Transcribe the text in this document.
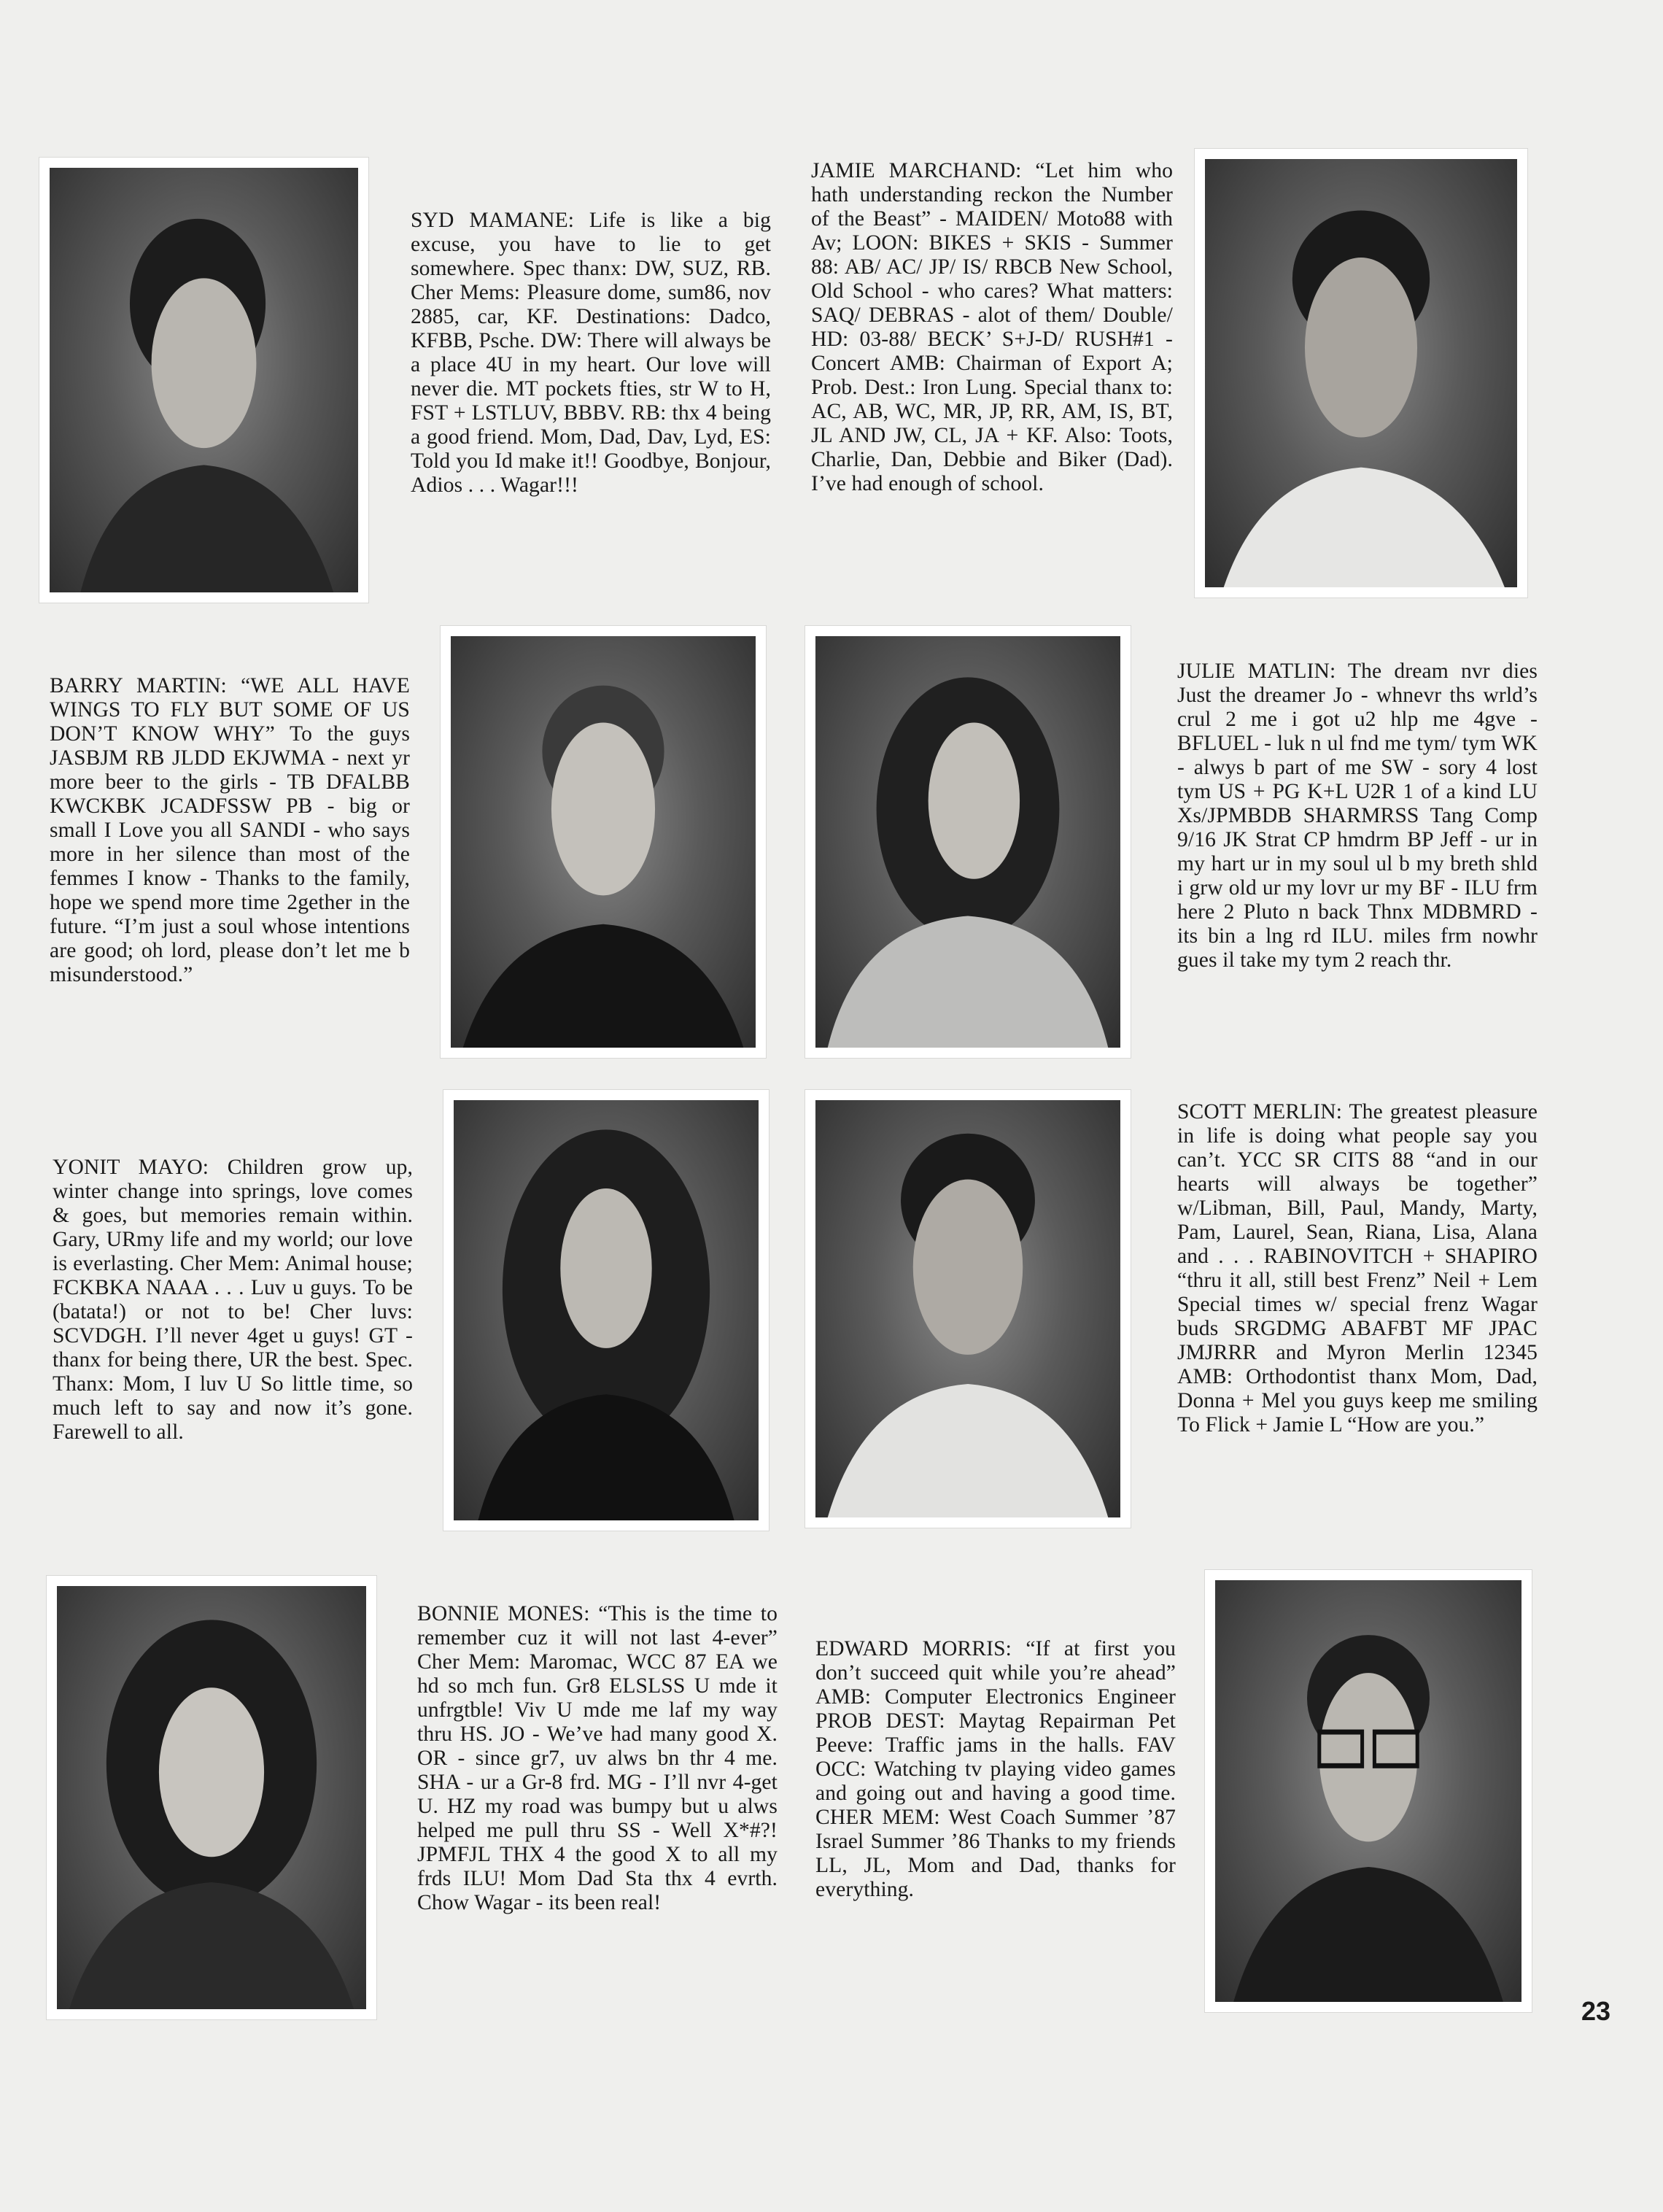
SYD MAMANE: Life is like a big excuse, you have to lie to get somewhere. Spec thanx: DW, SUZ, RB. Cher Mems: Pleasure dome, sum86, nov 2885, car, KF. Destinations: Dadco, KFBB, Psche. DW: There will always be a place 4U in my heart. Our love will never die. MT pockets fties, str W to H, FST + LSTLUV, BBBV. RB: thx 4 being a good friend. Mom, Dad, Dav, Lyd, ES: Told you Id make it!! Goodbye, Bonjour, Adios . . . Wagar!!!
JAMIE MARCHAND: “Let him who hath understanding reckon the Number of the Beast” - MAIDEN/ Moto88 with Av; LOON: BIKES + SKIS - Summer 88: AB/ AC/ JP/ IS/ RBCB New School, Old School - who cares? What matters: SAQ/ DEBRAS - alot of them/ Double/ HD: 03-88/ BECK’ S+J-D/ RUSH#1 - Concert AMB: Chairman of Export A; Prob. Dest.: Iron Lung. Special thanx to: AC, AB, WC, MR, JP, RR, AM, IS, BT, JL AND JW, CL, JA + KF. Also: Toots, Charlie, Dan, Debbie and Biker (Dad). I’ve had enough of school.
BARRY MARTIN: “WE ALL HAVE WINGS TO FLY BUT SOME OF US DON’T KNOW WHY” To the guys JASBJM RB JLDD EKJWMA - next yr more beer to the girls - TB DFALBB KWCKBK JCADFSSW PB - big or small I Love you all SANDI - who says more in her silence than most of the femmes I know - Thanks to the family, hope we spend more time 2gether in the future. “I’m just a soul whose intentions are good; oh lord, please don’t let me b misunderstood.”
JULIE MATLIN: The dream nvr dies Just the dreamer Jo - whnevr ths wrld’s crul 2 me i got u2 hlp me 4gve - BFLUEL - luk n ul fnd me tym/ tym WK - alwys b part of me SW - sory 4 lost tym US + PG K+L U2R 1 of a kind LU Xs/JPMBDB SHARMRSS Tang Comp 9/16 JK Strat CP hmdrm BP Jeff - ur in my hart ur in my soul ul b my breth shld i grw old ur my lovr ur my BF - ILU frm here 2 Pluto n back Thnx MDBMRD - its bin a lng rd ILU. miles frm nowhr gues il take my tym 2 reach thr.
YONIT MAYO: Children grow up, winter change into springs, love comes & goes, but memories remain within. Gary, URmy life and my world; our love is everlasting. Cher Mem: Animal house; FCKBKA NAAA . . . Luv u guys. To be (batata!) or not to be! Cher luvs: SCVDGH. I’ll never 4get u guys! GT - thanx for being there, UR the best. Spec. Thanx: Mom, I luv U So little time, so much left to say and now it’s gone. Farewell to all.
SCOTT MERLIN: The greatest pleasure in life is doing what people say you can’t. YCC SR CITS 88 “and in our hearts will always be together” w/Libman, Bill, Paul, Mandy, Marty, Pam, Laurel, Sean, Riana, Lisa, Alana and . . . RABINOVITCH + SHAPIRO “thru it all, still best Frenz” Neil + Lem Special times w/ special frenz Wagar buds SRGDMG ABAFBT MF JPAC JMJRRR and Myron Merlin 12345 AMB: Orthodontist thanx Mom, Dad, Donna + Mel you guys keep me smiling To Flick + Jamie L “How are you.”
BONNIE MONES: “This is the time to remember cuz it will not last 4-ever” Cher Mem: Maromac, WCC 87 EA we hd so mch fun. Gr8 ELSLSS U mde it unfrgtble! Viv U mde me laf my way thru HS. JO - We’ve had many good X. OR - since gr7, uv alws bn thr 4 me. SHA - ur a Gr-8 frd. MG - I’ll nvr 4-get U. HZ my road was bumpy but u alws helped me pull thru SS - Well X*#?! JPMFJL THX 4 the good X to all my frds ILU! Mom Dad Sta thx 4 evrth. Chow Wagar - its been real!
EDWARD MORRIS: “If at first you don’t succeed quit while you’re ahead” AMB: Computer Electronics Engineer PROB DEST: Maytag Repairman Pet Peeve: Traffic jams in the halls. FAV OCC: Watching tv playing video games and going out and having a good time. CHER MEM: West Coach Summer ’87 Israel Summer ’86 Thanks to my friends LL, JL, Mom and Dad, thanks for everything.
23
